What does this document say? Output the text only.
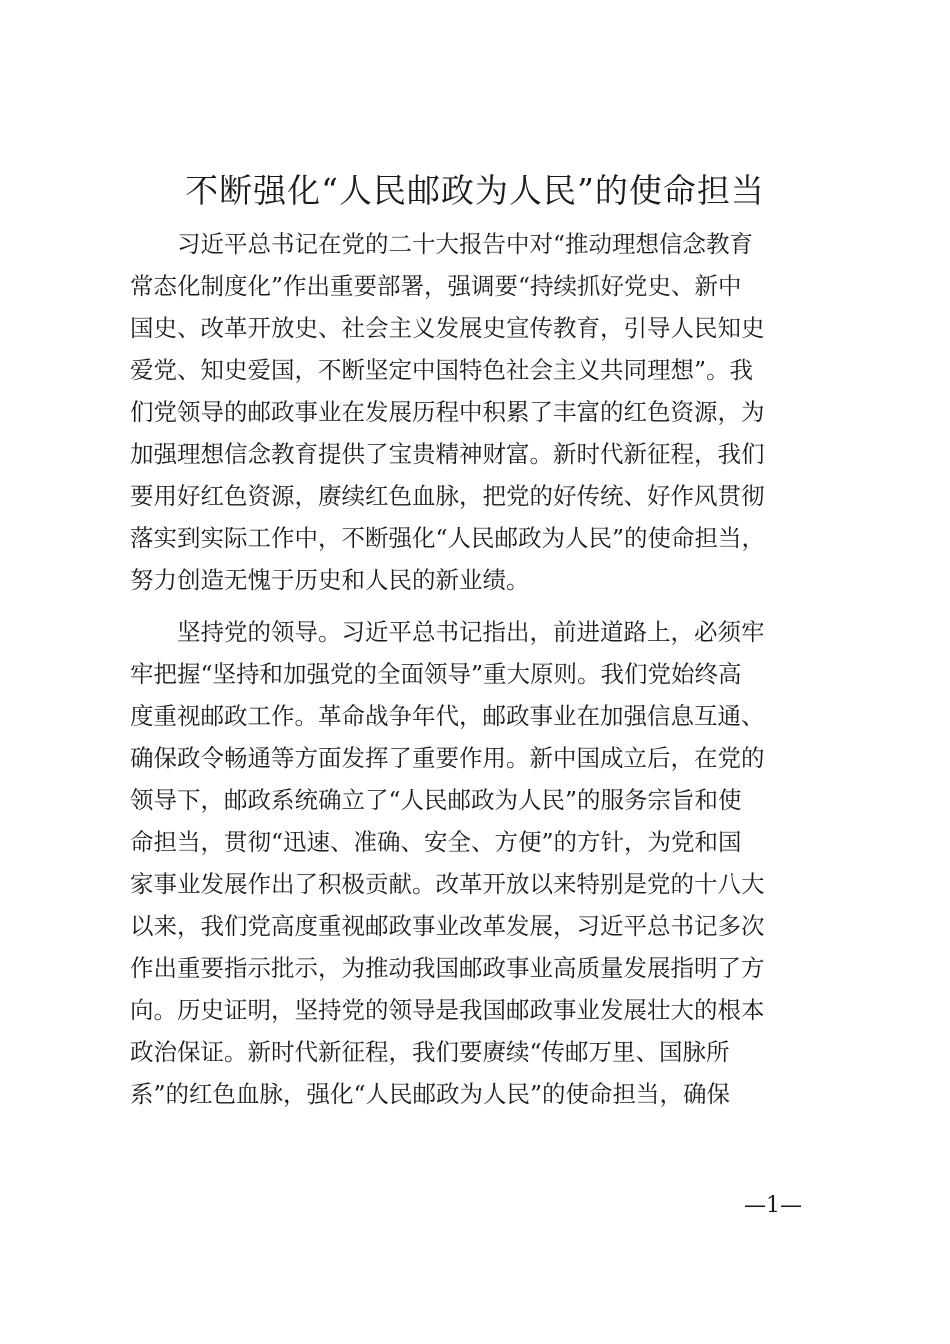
不断强化“人民邮政为人民”的使命担当

习近平总书记在党的二十大报告中对“推动理想信念教育

常态化制度化”作出重要部署，强调要“持续抓好党史、新中

国史、改革开放史、社会主义发展史宣传教育，引导人民知史

爱党、知史爱国，不断坚定中国特色社会主义共同理想”。我

们党领导的邮政事业在发展历程中积累了丰富的红色资源，为

加强理想信念教育提供了宝贵精神财富。新时代新征程，我们

要用好红色资源，赓续红色血脉，把党的好传统、好作风贯彻

落实到实际工作中，不断强化“人民邮政为人民”的使命担当，

努力创造无愧于历史和人民的新业绩。

坚持党的领导。习近平总书记指出，前进道路上，必须牢

牢把握“坚持和加强党的全面领导”重大原则。我们党始终高

度重视邮政工作。革命战争年代，邮政事业在加强信息互通、

确保政令畅通等方面发挥了重要作用。新中国成立后，在党的

领导下，邮政系统确立了“人民邮政为人民”的服务宗旨和使

命担当，贯彻“迅速、准确、安全、方便”的方针，为党和国

家事业发展作出了积极贡献。改革开放以来特别是党的十八大

以来，我们党高度重视邮政事业改革发展，习近平总书记多次

作出重要指示批示，为推动我国邮政事业高质量发展指明了方

向。历史证明，坚持党的领导是我国邮政事业发展壮大的根本

政治保证。新时代新征程，我们要赓续“传邮万里、国脉所

系”的红色血脉，强化“人民邮政为人民”的使命担当，确保

—1—
